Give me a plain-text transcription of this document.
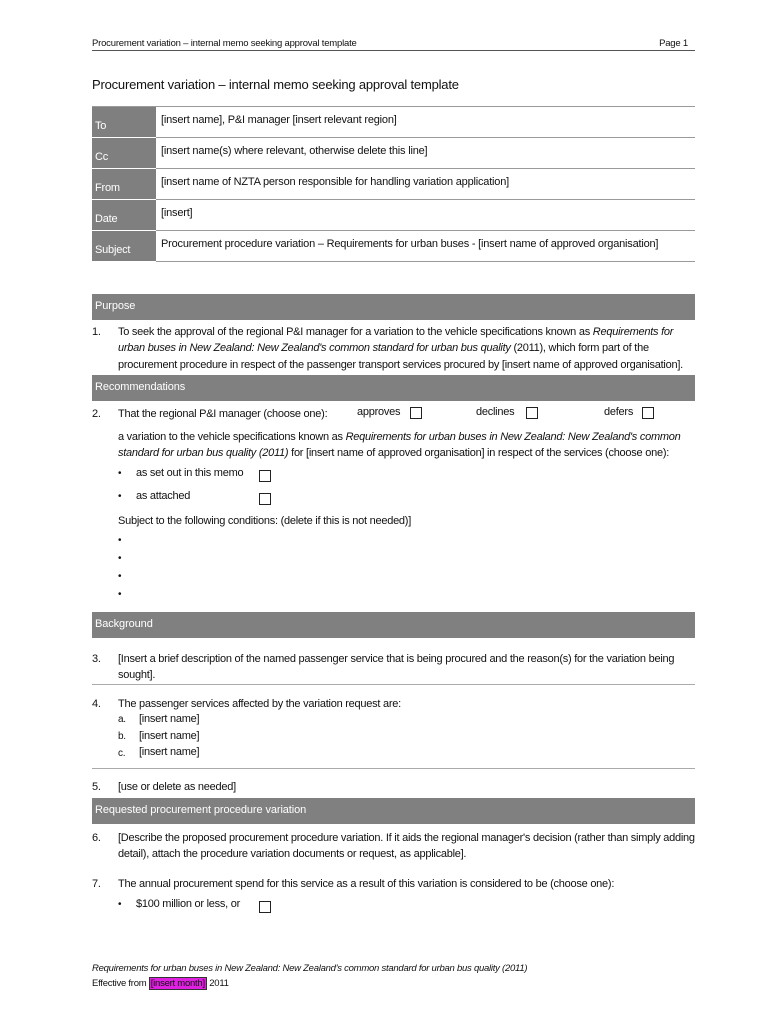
Procurement variation – internal memo seeking approval template	Page 1
Procurement variation – internal memo seeking approval template
To	[insert name], P&I manager [insert relevant region]

Cc	[insert name(s) where relevant, otherwise delete this line]

From	[insert name of NZTA person responsible for handling variation application]

Date	[insert]

Subject	Procurement procedure variation – Requirements for urban buses - [insert name of approved organisation]
Purpose
1. To seek the approval of the regional P&I manager for a variation to the vehicle specifications known as Requirements for urban buses in New Zealand: New Zealand's common standard for urban bus quality (2011), which form part of the procurement procedure in respect of the passenger transport services procured by [insert name of approved organisation].
Recommendations
2. That the regional P&I manager (choose one):	approves	declines	defers
a variation to the vehicle specifications known as Requirements for urban buses in New Zealand: New Zealand's common standard for urban bus quality (2011) for [insert name of approved organisation] in respect of the services (choose one):
• as set out in this memo
• as attached
Subject to the following conditions: (delete if this is not needed)]
•
•
•
•
Background
3. [Insert a brief description of the named passenger service that is being procured and the reason(s) for the variation being sought].
4. The passenger services affected by the variation request are:
a. [insert name]
b. [insert name]
c. [insert name]
5. [use or delete as needed]
Requested procurement procedure variation
6. [Describe the proposed procurement procedure variation. If it aids the regional manager's decision (rather than simply adding detail), attach the procedure variation documents or request, as applicable].
7. The annual procurement spend for this service as a result of this variation is considered to be (choose one):
• $100 million or less, or
Requirements for urban buses in New Zealand: New Zealand's common standard for urban bus quality (2011)
Effective from [insert month] 2011
